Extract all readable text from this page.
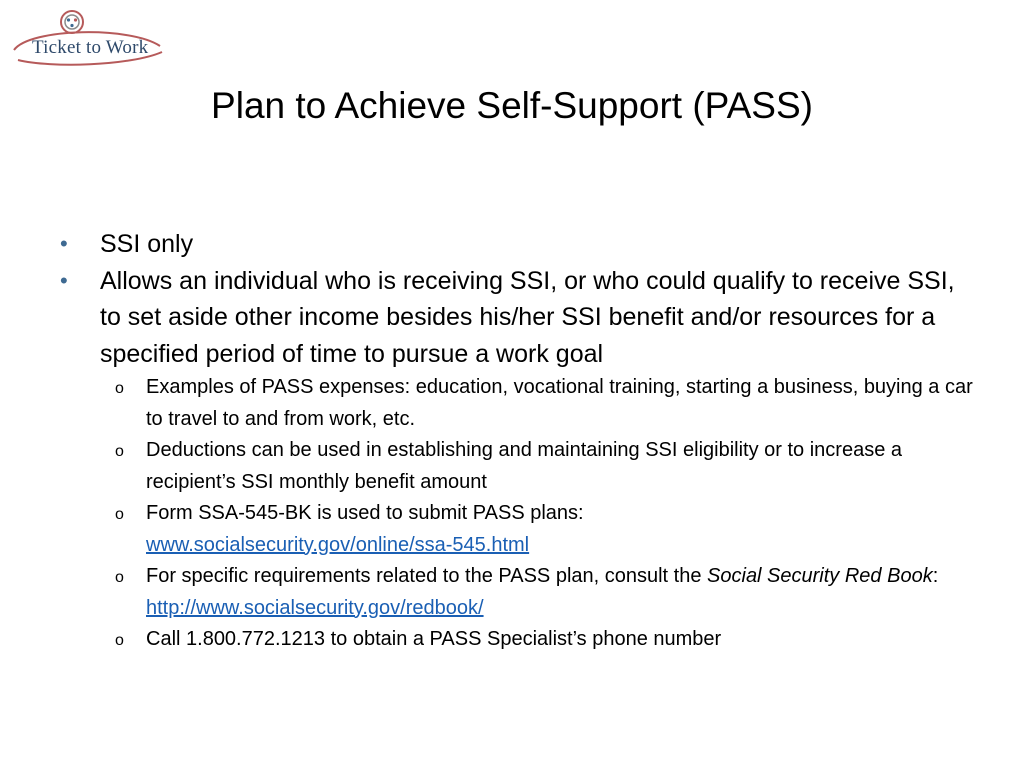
Ticket to Work
Plan to Achieve Self-Support (PASS)
• SSI only
• Allows an individual who is receiving SSI, or who could qualify to receive SSI, to set aside other income besides his/her SSI benefit and/or resources for a specified period of time to pursue a work goal
o Examples of PASS expenses: education, vocational training, starting a business, buying a car to travel to and from work, etc.
o Deductions can be used in establishing and maintaining SSI eligibility or to increase a recipient’s SSI monthly benefit amount
o Form SSA-545-BK is used to submit PASS plans:
www.socialsecurity.gov/online/ssa-545.html
o For specific requirements related to the PASS plan, consult the Social Security Red Book:http://www.socialsecurity.gov/redbook/
o Call 1.800.772.1213 to obtain a PASS Specialist’s phone number
